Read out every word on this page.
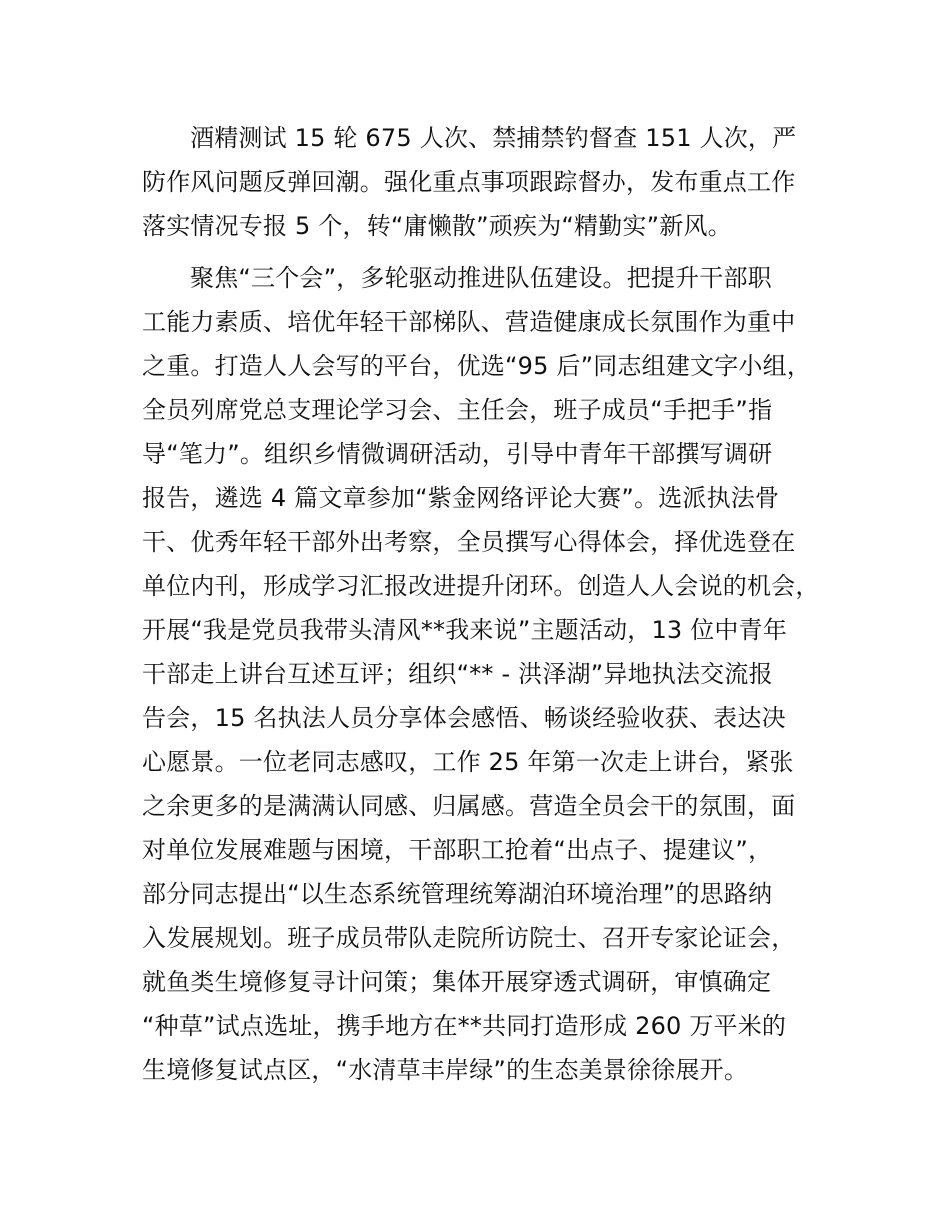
酒精测试 15 轮 675 人次、禁捕禁钓督查 151 人次，严
防作风问题反弹回潮。强化重点事项跟踪督办，发布重点工作
落实情况专报 5 个，转“庸懒散”顽疾为“精勤实”新风。
聚焦“三个会”，多轮驱动推进队伍建设。把提升干部职
工能力素质、培优年轻干部梯队、营造健康成长氛围作为重中
之重。打造人人会写的平台，优选“95 后”同志组建文字小组，
全员列席党总支理论学习会、主任会，班子成员“手把手”指
导“笔力”。组织乡情微调研活动，引导中青年干部撰写调研
报告，遴选 4 篇文章参加“紫金网络评论大赛”。选派执法骨
干、优秀年轻干部外出考察，全员撰写心得体会，择优选登在
单位内刊，形成学习汇报改进提升闭环。创造人人会说的机会，
开展“我是党员我带头清风**我来说”主题活动，13 位中青年
干部走上讲台互述互评；组织“** - 洪泽湖”异地执法交流报
告会，15 名执法人员分享体会感悟、畅谈经验收获、表达决
心愿景。一位老同志感叹，工作 25 年第一次走上讲台，紧张
之余更多的是满满认同感、归属感。营造全员会干的氛围，面
对单位发展难题与困境，干部职工抢着“出点子、提建议”，
部分同志提出“以生态系统管理统筹湖泊环境治理”的思路纳
入发展规划。班子成员带队走院所访院士、召开专家论证会，
就鱼类生境修复寻计问策；集体开展穿透式调研，审慎确定
“种草”试点选址，携手地方在**共同打造形成 260 万平米的
生境修复试点区，“水清草丰岸绿”的生态美景徐徐展开。
